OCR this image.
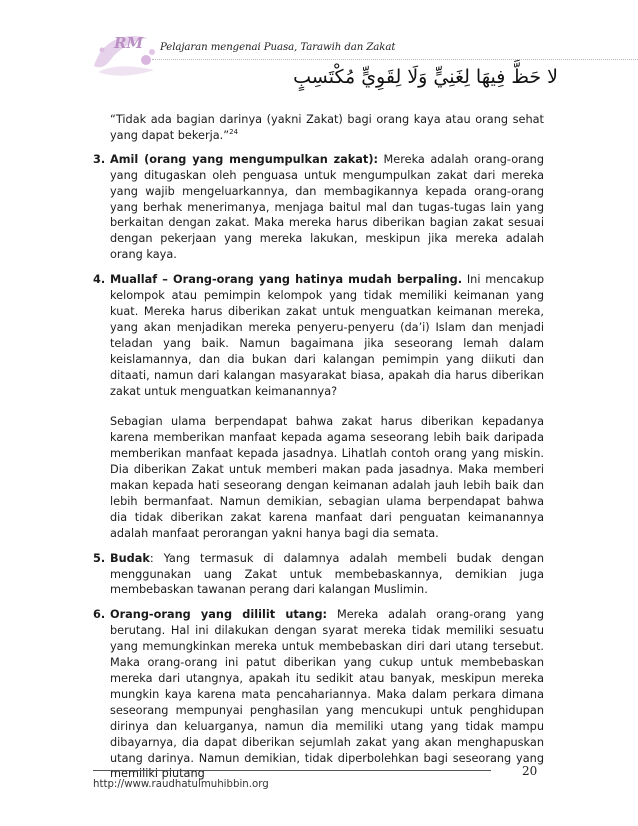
RM Pelajaran mengenai Puasa, Tarawih dan Zakat
لا حَظَّ فِيهَا لِغَنِيٍّ وَلَا لِقَوِيٍّ مُكْتَسِبٍ

“Tidak ada bagian darinya (yakni Zakat) bagi orang kaya atau orang sehat yang dapat bekerja.”$^{24}$

3. Amil (orang yang mengumpulkan zakat): Mereka adalah orang-orang yang ditugaskan oleh penguasa untuk mengumpulkan zakat dari mereka yang wajib mengeluarkannya, dan membagikannya kepada orang-orang yang berhak menerimanya, menjaga baitul mal dan tugas-tugas lain yang berkaitan dengan zakat. Maka mereka harus diberikan bagian zakat sesuai dengan pekerjaan yang mereka lakukan, meskipun jika mereka adalah orang kaya.

4. Muallaf – Orang-orang yang hatinya mudah berpaling. Ini mencakup kelompok atau pemimpin kelompok yang tidak memiliki keimanan yang kuat. Mereka harus diberikan zakat untuk menguatkan keimanan mereka, yang akan menjadikan mereka penyeru-penyeru (da’i) Islam dan menjadi teladan yang baik. Namun bagaimana jika seseorang lemah dalam keislamannya, dan dia bukan dari kalangan pemimpin yang diikuti dan ditaati, namun dari kalangan masyarakat biasa, apakah dia harus diberikan zakat untuk menguatkan keimanannya?

Sebagian ulama berpendapat bahwa zakat harus diberikan kepadanya karena memberikan manfaat kepada agama seseorang lebih baik daripada memberikan manfaat kepada jasadnya. Lihatlah contoh orang yang miskin. Dia diberikan Zakat untuk memberi makan pada jasadnya. Maka memberi makan kepada hati seseorang dengan keimanan adalah jauh lebih baik dan lebih bermanfaat. Namun demikian, sebagian ulama berpendapat bahwa dia tidak diberikan zakat karena manfaat dari penguatan keimanannya adalah manfaat perorangan yakni hanya bagi dia semata.

5. Budak: Yang termasuk di dalamnya adalah membeli budak dengan menggunakan uang Zakat untuk membebaskannya, demikian juga membebaskan tawanan perang dari kalangan Muslimin.

6. Orang-orang yang dililit utang: Mereka adalah orang-orang yang berutang. Hal ini dilakukan dengan syarat mereka tidak memiliki sesuatu yang memungkinkan mereka untuk membebaskan diri dari utang tersebut. Maka orang-orang ini patut diberikan yang cukup untuk membebaskan mereka dari utangnya, apakah itu sedikit atau banyak, meskipun mereka mungkin kaya karena mata pencahariannya. Maka dalam perkara dimana seseorang mempunyai penghasilan yang mencukupi untuk penghidupan dirinya dan keluarganya, namun dia memiliki utang yang tidak mampu dibayarnya, dia dapat diberikan sejumlah zakat yang akan menghapuskan utang darinya. Namun demikian, tidak diperbolehkan bagi seseorang yang memiliki piutang	20
http://www.raudhatulmuhibbin.org
